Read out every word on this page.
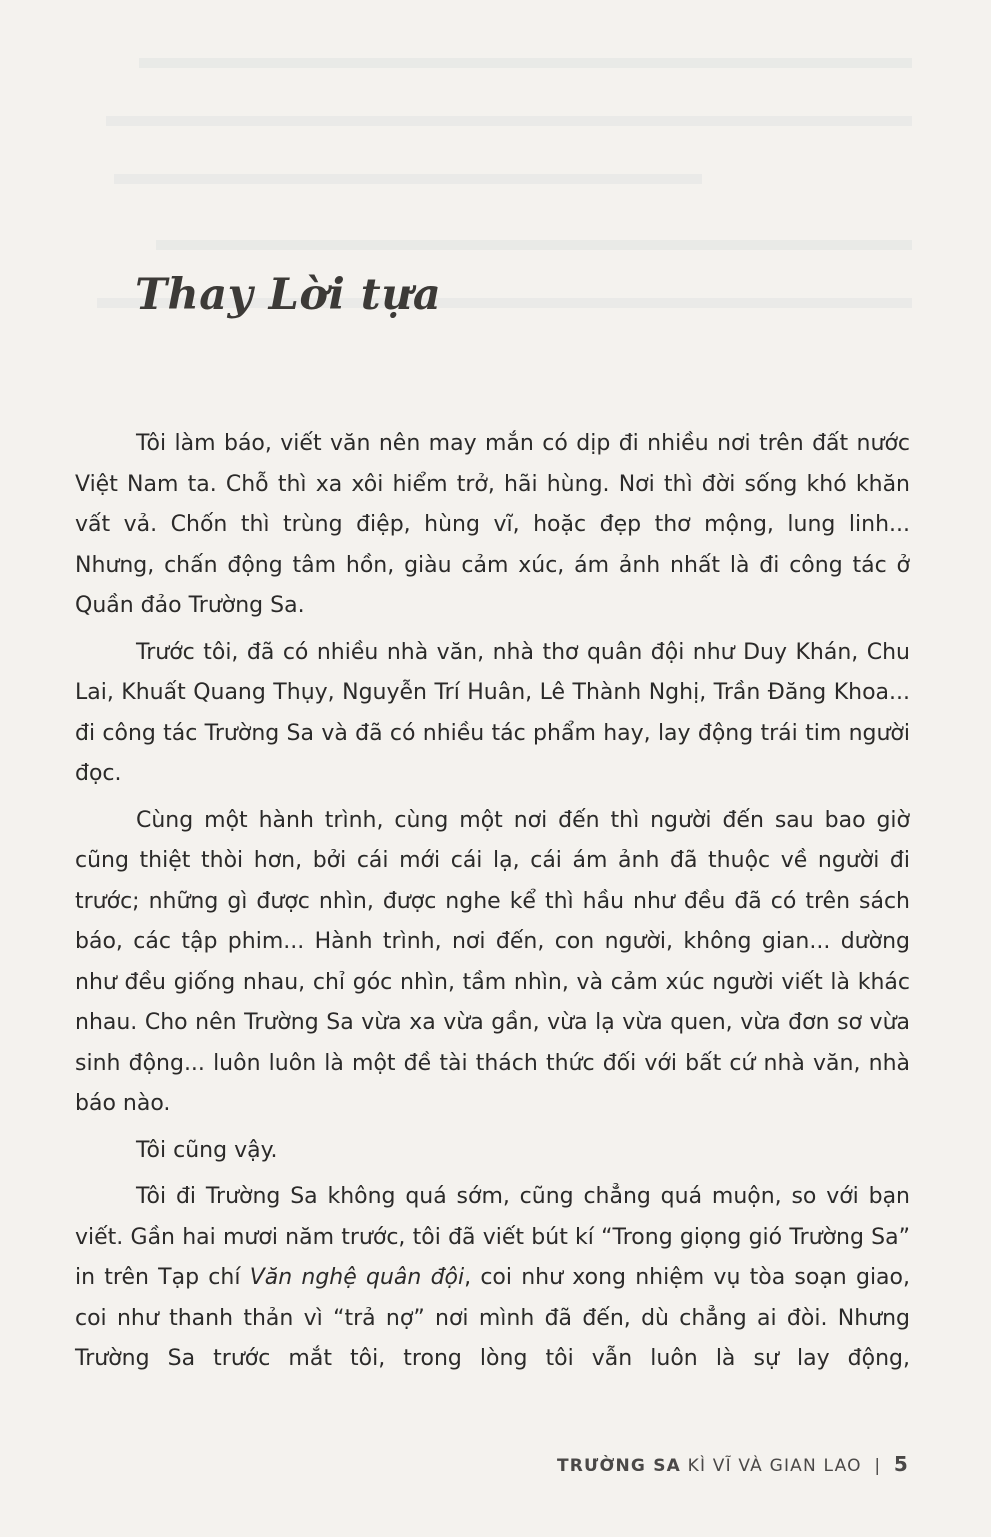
Thay Lời tựa

Tôi làm báo, viết văn nên may mắn có dịp đi nhiều nơi trên đất nước Việt Nam ta. Chỗ thì xa xôi hiểm trở, hãi hùng. Nơi thì đời sống khó khăn vất vả. Chốn thì trùng điệp, hùng vĩ, hoặc đẹp thơ mộng, lung linh... Nhưng, chấn động tâm hồn, giàu cảm xúc, ám ảnh nhất là đi công tác ở Quần đảo Trường Sa.

Trước tôi, đã có nhiều nhà văn, nhà thơ quân đội như Duy Khán, Chu Lai, Khuất Quang Thụy, Nguyễn Trí Huân, Lê Thành Nghị, Trần Đăng Khoa... đi công tác Trường Sa và đã có nhiều tác phẩm hay, lay động trái tim người đọc.

Cùng một hành trình, cùng một nơi đến thì người đến sau bao giờ cũng thiệt thòi hơn, bởi cái mới cái lạ, cái ám ảnh đã thuộc về người đi trước; những gì được nhìn, được nghe kể thì hầu như đều đã có trên sách báo, các tập phim... Hành trình, nơi đến, con người, không gian... dường như đều giống nhau, chỉ góc nhìn, tầm nhìn, và cảm xúc người viết là khác nhau. Cho nên Trường Sa vừa xa vừa gần, vừa lạ vừa quen, vừa đơn sơ vừa sinh động... luôn luôn là một đề tài thách thức đối với bất cứ nhà văn, nhà báo nào.

Tôi cũng vậy.

Tôi đi Trường Sa không quá sớm, cũng chẳng quá muộn, so với bạn viết. Gần hai mươi năm trước, tôi đã viết bút kí “Trong giọng gió Trường Sa” in trên Tạp chí Văn nghệ quân đội, coi như xong nhiệm vụ tòa soạn giao, coi như thanh thản vì “trả nợ” nơi mình đã đến, dù chẳng ai đòi. Nhưng Trường Sa trước mắt tôi, trong lòng tôi vẫn luôn là sự lay động,

TRƯỜNG SA KÌ VĨ VÀ GIAN LAO | 5
